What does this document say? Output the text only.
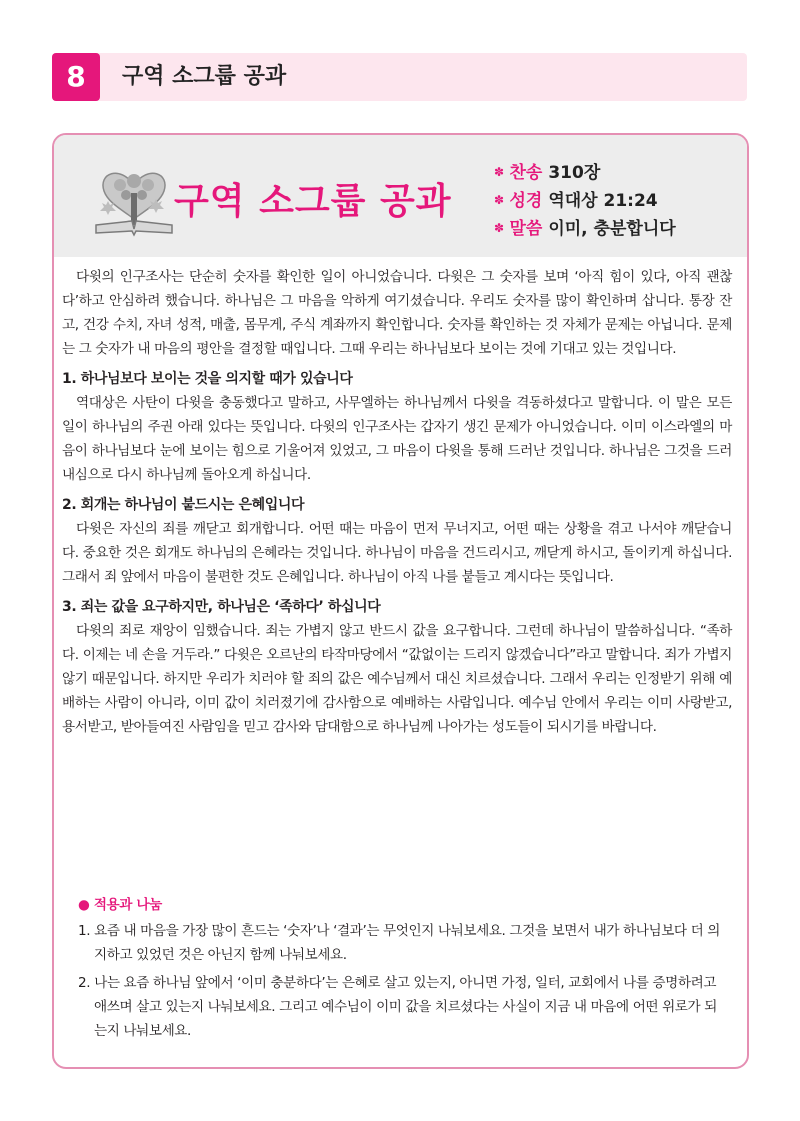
8	구역 소그룹 공과
구역 소그룹 공과
✽ 찬송 310장
✽ 성경 역대상 21:24
✽ 말씀 이미, 충분합니다

다윗의 인구조사는 단순히 숫자를 확인한 일이 아니었습니다. 다윗은 그 숫자를 보며 ‘아직 힘이 있다, 아직 괜찮다’하고 안심하려 했습니다. 하나님은 그 마음을 악하게 여기셨습니다. 우리도 숫자를 많이 확인하며 삽니다. 통장 잔고, 건강 수치, 자녀 성적, 매출, 몸무게, 주식 계좌까지 확인합니다. 숫자를 확인하는 것 자체가 문제는 아닙니다. 문제는 그 숫자가 내 마음의 평안을 결정할 때입니다. 그때 우리는 하나님보다 보이는 것에 기대고 있는 것입니다.

1. 하나님보다 보이는 것을 의지할 때가 있습니다

역대상은 사탄이 다윗을 충동했다고 말하고, 사무엘하는 하나님께서 다윗을 격동하셨다고 말합니다. 이 말은 모든 일이 하나님의 주권 아래 있다는 뜻입니다. 다윗의 인구조사는 갑자기 생긴 문제가 아니었습니다. 이미 이스라엘의 마음이 하나님보다 눈에 보이는 힘으로 기울어져 있었고, 그 마음이 다윗을 통해 드러난 것입니다. 하나님은 그것을 드러내심으로 다시 하나님께 돌아오게 하십니다.

2. 회개는 하나님이 붙드시는 은혜입니다

다윗은 자신의 죄를 깨닫고 회개합니다. 어떤 때는 마음이 먼저 무너지고, 어떤 때는 상황을 겪고 나서야 깨닫습니다. 중요한 것은 회개도 하나님의 은혜라는 것입니다. 하나님이 마음을 건드리시고, 깨닫게 하시고, 돌이키게 하십니다. 그래서 죄 앞에서 마음이 불편한 것도 은혜입니다. 하나님이 아직 나를 붙들고 계시다는 뜻입니다.

3. 죄는 값을 요구하지만, 하나님은 ‘족하다’ 하십니다

다윗의 죄로 재앙이 임했습니다. 죄는 가볍지 않고 반드시 값을 요구합니다. 그런데 하나님이 말씀하십니다. “족하다. 이제는 네 손을 거두라.” 다윗은 오르난의 타작마당에서 “값없이는 드리지 않겠습니다”라고 말합니다. 죄가 가볍지 않기 때문입니다. 하지만 우리가 치러야 할 죄의 값은 예수님께서 대신 치르셨습니다. 그래서 우리는 인정받기 위해 예배하는 사람이 아니라, 이미 값이 치러졌기에 감사함으로 예배하는 사람입니다. 예수님 안에서 우리는 이미 사랑받고, 용서받고, 받아들여진 사람임을 믿고 감사와 담대함으로 하나님께 나아가는 성도들이 되시기를 바랍니다.

● 적용과 나눔

1. 요즘 내 마음을 가장 많이 흔드는 ‘숫자’나 ‘결과’는 무엇인지 나눠보세요. 그것을 보면서 내가 하나님보다 더 의지하고 있었던 것은 아닌지 함께 나눠보세요.

2. 나는 요즘 하나님 앞에서 ‘이미 충분하다’는 은혜로 살고 있는지, 아니면 가정, 일터, 교회에서 나를 증명하려고 애쓰며 살고 있는지 나눠보세요. 그리고 예수님이 이미 값을 치르셨다는 사실이 지금 내 마음에 어떤 위로가 되는지 나눠보세요.
